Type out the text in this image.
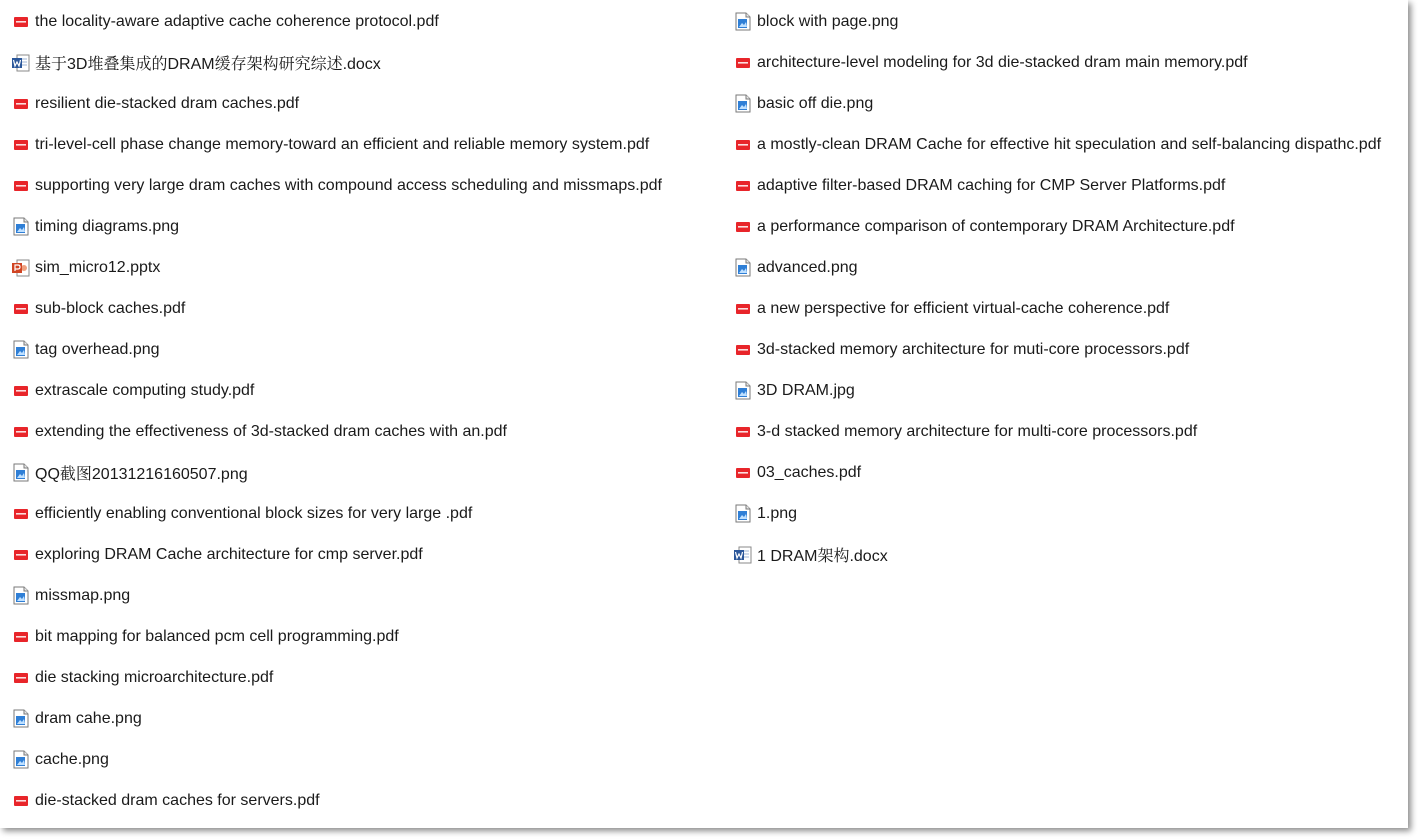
the locality-aware adaptive cache coherence protocol.pdf
基于3D堆叠集成的DRAM缓存架构研究综述.docx
resilient die-stacked dram caches.pdf
tri-level-cell phase change memory-toward an efficient and reliable memory system.pdf
supporting very large dram caches with compound access scheduling and missmaps.pdf
timing diagrams.png
sim_micro12.pptx
sub-block caches.pdf
tag overhead.png
extrascale computing study.pdf
extending the effectiveness of 3d-stacked dram caches with an.pdf
QQ截图20131216160507.png
efficiently enabling conventional block sizes for very large .pdf
exploring DRAM Cache architecture for cmp server.pdf
missmap.png
bit mapping for balanced pcm cell programming.pdf
die stacking microarchitecture.pdf
dram cahe.png
cache.png
die-stacked dram caches for servers.pdf
block with page.png
architecture-level modeling for 3d die-stacked dram main memory.pdf
basic off die.png
a mostly-clean DRAM Cache for effective hit speculation and self-balancing dispathc.pdf
adaptive filter-based DRAM caching for CMP Server Platforms.pdf
a performance comparison of contemporary DRAM Architecture.pdf
advanced.png
a new perspective for efficient virtual-cache coherence.pdf
3d-stacked memory architecture for muti-core processors.pdf
3D DRAM.jpg
3-d stacked memory architecture for multi-core processors.pdf
03_caches.pdf
1.png
1 DRAM架构.docx
